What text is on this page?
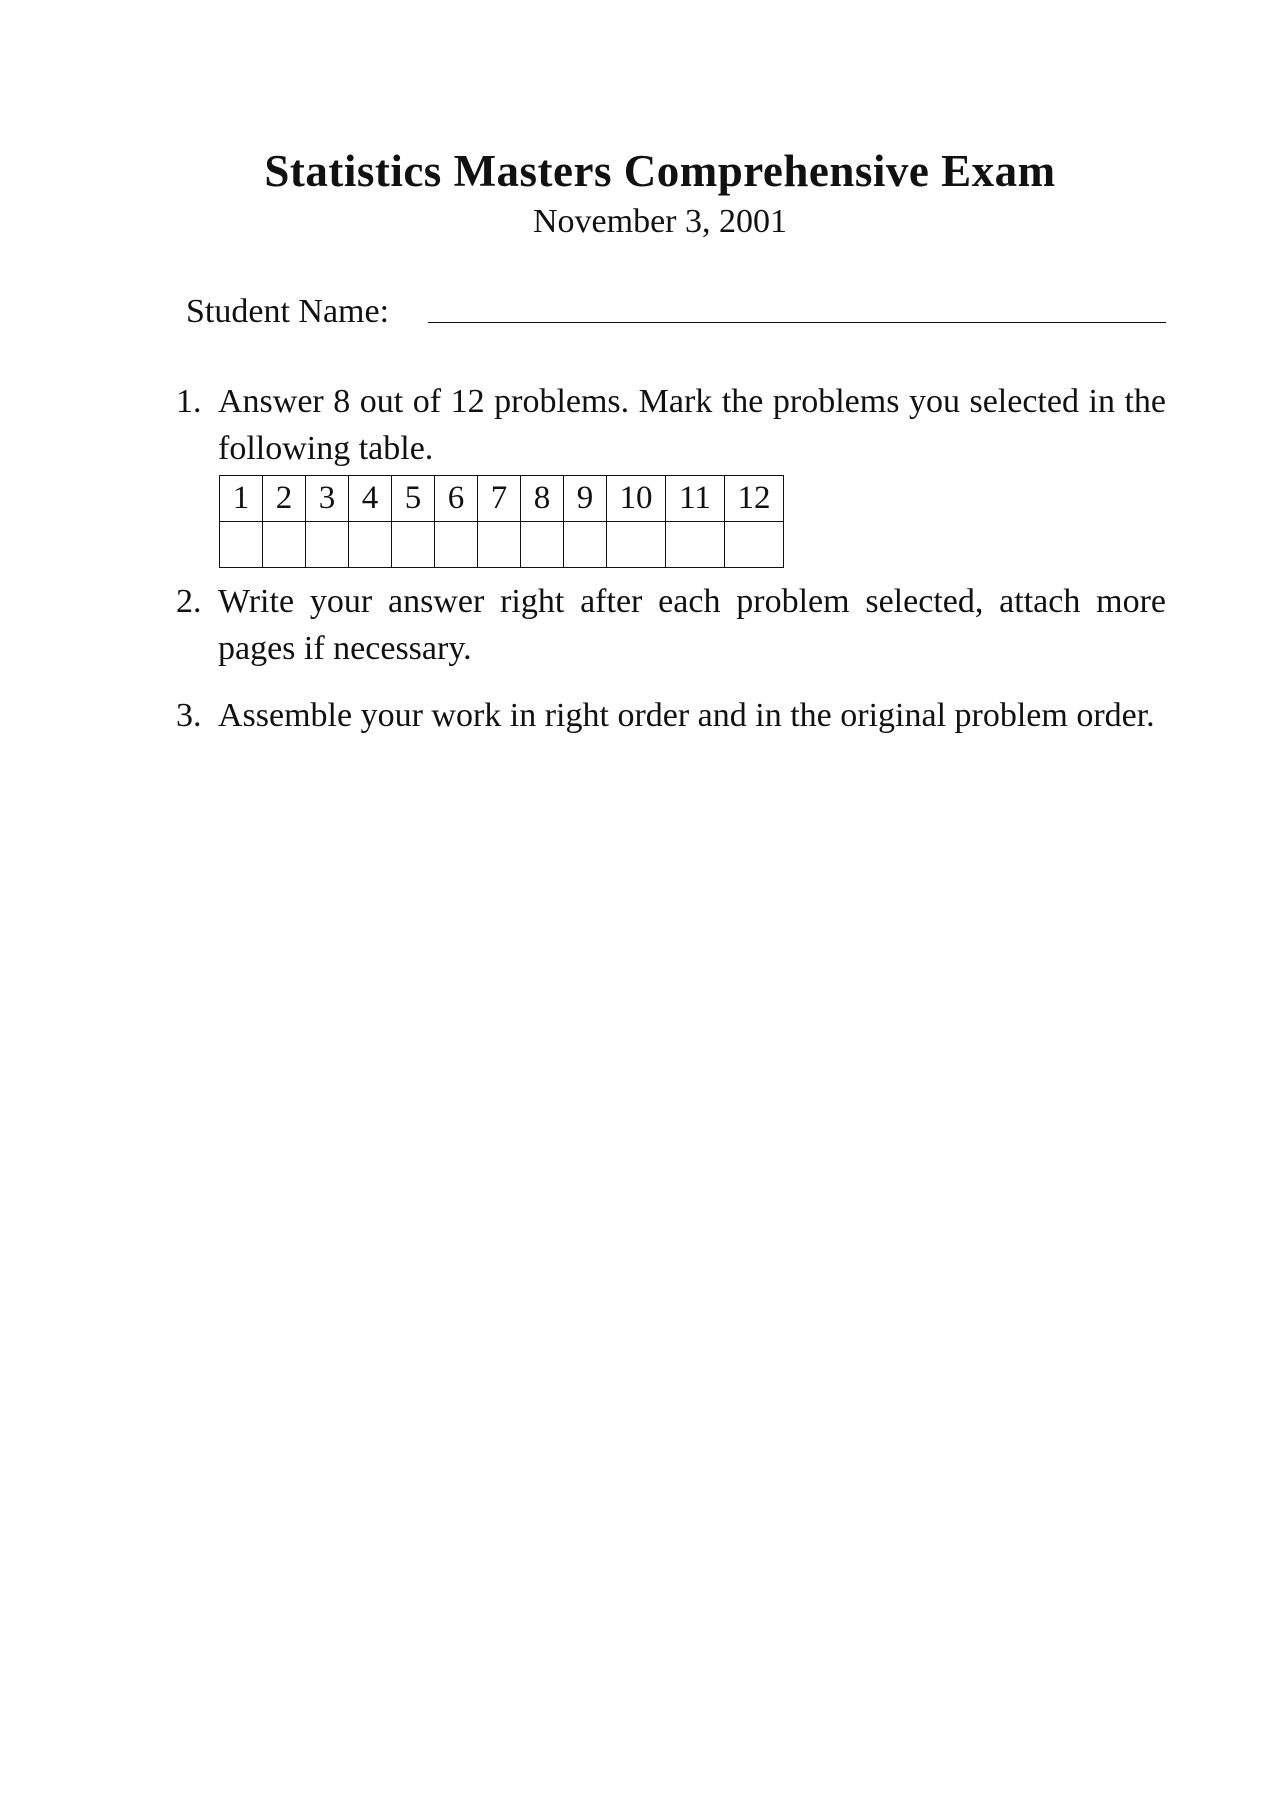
Statistics Masters Comprehensive Exam
November 3, 2001
Student Name:
1. Answer 8 out of 12 problems. Mark the problems you selected in the following table.
1	2	3	4	5	6	7	8	9	10	11	12

2. Write your answer right after each problem selected, attach more pages if necessary.
3. Assemble your work in right order and in the original problem order.
